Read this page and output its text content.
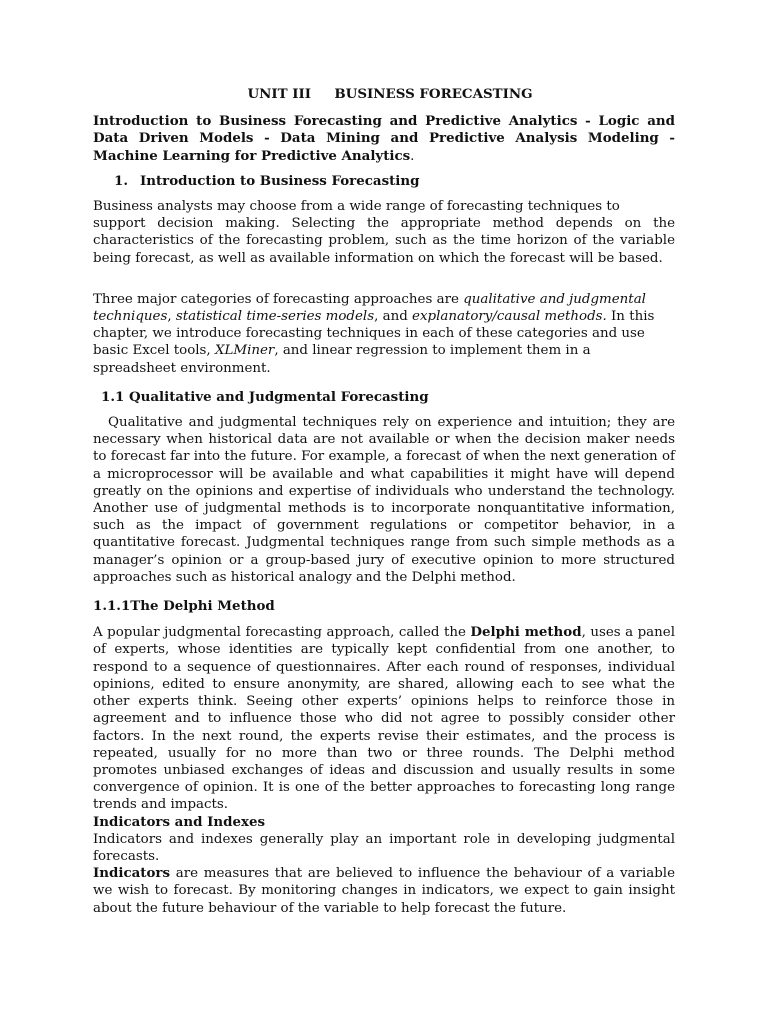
UNIT III     BUSINESS FORECASTING
Introduction to Business Forecasting and Predictive Analytics - Logic and Data Driven Models - Data Mining and Predictive Analysis Modeling - Machine Learning for Predictive Analytics.
1. Introduction to Business Forecasting

Business analysts may choose from a wide range of forecasting techniques to
support decision making. Selecting the appropriate method depends on the characteristics of the forecasting problem, such as the time horizon of the variable being forecast, as well as available information on which the forecast will be based.

Three major categories of forecasting approaches are qualitative and judgmental techniques, statistical time-series models, and explanatory/causal methods. In this chapter, we introduce forecasting techniques in each of these categories and use basic Excel tools, XLMiner, and linear regression to implement them in a spreadsheet environment.

1.1 Qualitative and Judgmental Forecasting

Qualitative and judgmental techniques rely on experience and intuition; they are necessary when historical data are not available or when the decision maker needs to forecast far into the future. For example, a forecast of when the next generation of a microprocessor will be available and what capabilities it might have will depend greatly on the opinions and expertise of individuals who understand the technology. Another use of judgmental methods is to incorporate nonquantitative information, such as the impact of government regulations or competitor behavior, in a quantitative forecast. Judgmental techniques range from such simple methods as a manager’s opinion or a group-based jury of executive opinion to more structured approaches such as historical analogy and the Delphi method.

1.1.1The Delphi Method

A popular judgmental forecasting approach, called the Delphi method, uses a panel of experts, whose identities are typically kept confidential from one another, to respond to a sequence of questionnaires. After each round of responses, individual opinions, edited to ensure anonymity, are shared, allowing each to see what the other experts think. Seeing other experts’ opinions helps to reinforce those in agreement and to influence those who did not agree to possibly consider other factors. In the next round, the experts revise their estimates, and the process is repeated, usually for no more than two or three rounds. The Delphi method promotes unbiased exchanges of ideas and discussion and usually results in some convergence of opinion. It is one of the better approaches to forecasting long range trends and impacts.

Indicators and Indexes

Indicators and indexes generally play an important role in developing judgmental forecasts.

Indicators are measures that are believed to influence the behaviour of a variable we wish to forecast. By monitoring changes in indicators, we expect to gain insight about the future behaviour of the variable to help forecast the future.
